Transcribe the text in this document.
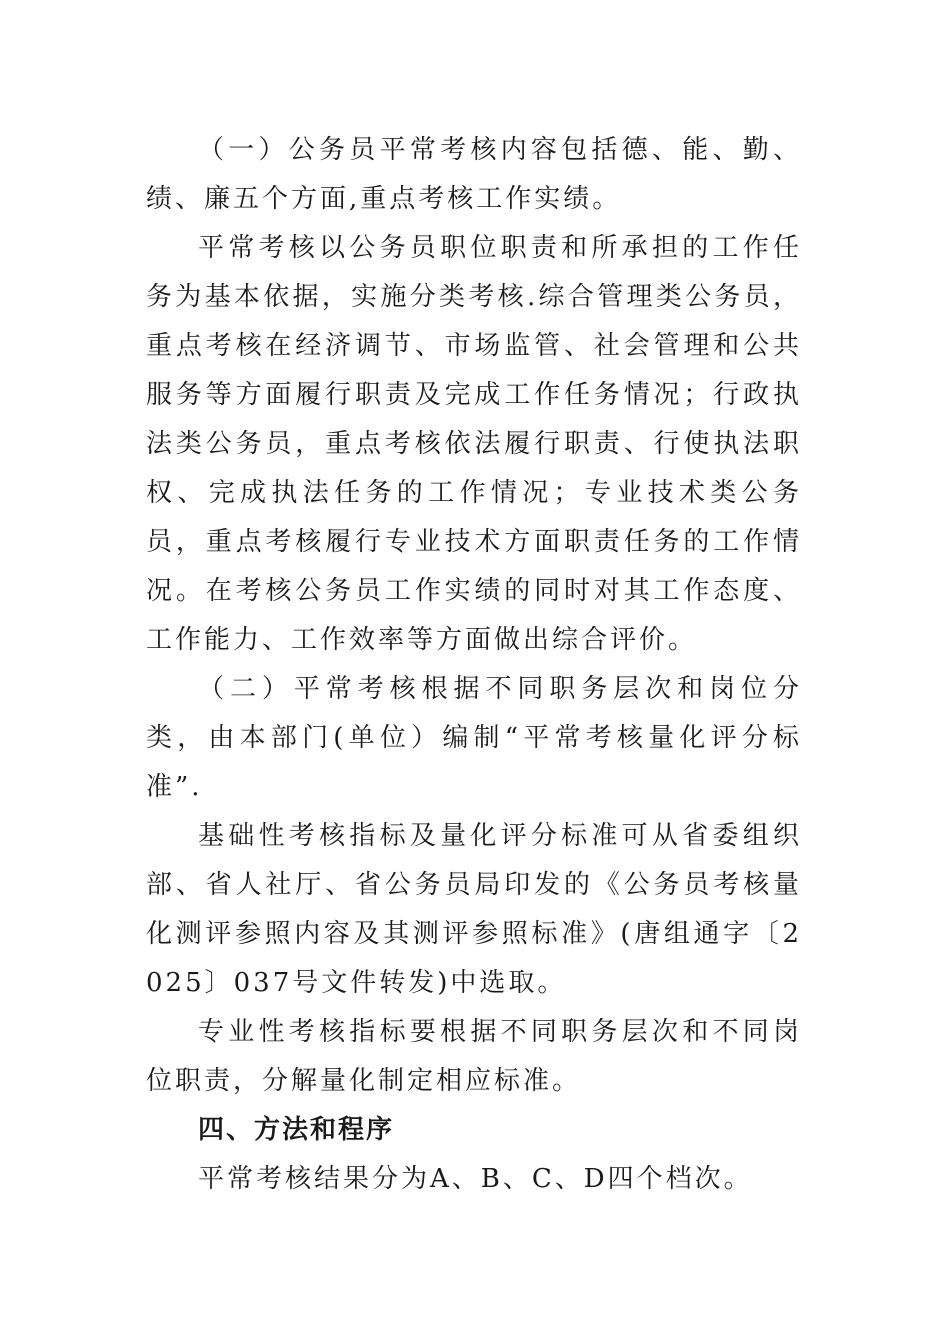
（一）公务员平常考核内容包括德、能、勤、绩、廉五个方面,重点考核工作实绩。

平常考核以公务员职位职责和所承担的工作任务为基本依据，实施分类考核.综合管理类公务员，重点考核在经济调节、市场监管、社会管理和公共服务等方面履行职责及完成工作任务情况；行政执法类公务员，重点考核依法履行职责、行使执法职权、完成执法任务的工作情况；专业技术类公务员，重点考核履行专业技术方面职责任务的工作情况。在考核公务员工作实绩的同时对其工作态度、工作能力、工作效率等方面做出综合评价。

（二）平常考核根据不同职务层次和岗位分类，由本部门(单位）编制“平常考核量化评分标准”.

基础性考核指标及量化评分标准可从省委组织部、省人社厅、省公务员局印发的《公务员考核量化测评参照内容及其测评参照标准》(唐组通字〔2025〕037号文件转发)中选取。

专业性考核指标要根据不同职务层次和不同岗位职责，分解量化制定相应标准。

四、方法和程序

平常考核结果分为A、B、C、D四个档次。
